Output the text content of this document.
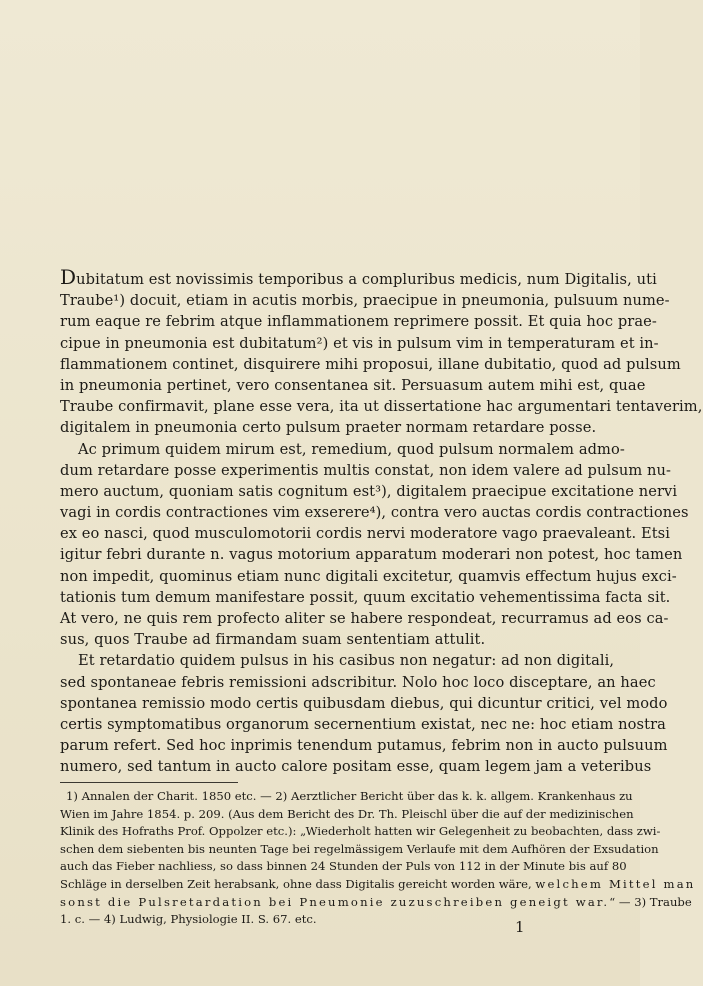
Dubitatum est novissimis temporibus a compluribus medicis, num Digitalis, uti
Traube¹) docuit, etiam in acutis morbis, praecipue in pneumonia, pulsuum nume-
rum eaque re febrim atque inflammationem reprimere possit. Et quia hoc prae-
cipue in pneumonia est dubitatum²) et vis in pulsum vim in temperaturam et in-
flammationem continet, disquirere mihi proposui, illane dubitatio, quod ad pulsum
in pneumonia pertinet, vero consentanea sit. Persuasum autem mihi est, quae
Traube confirmavit, plane esse vera, ita ut dissertatione hac argumentari tentaverim,
digitalem in pneumonia certo pulsum praeter normam retardare posse.
Ac primum quidem mirum est, remedium, quod pulsum normalem admo-
dum retardare posse experimentis multis constat, non idem valere ad pulsum nu-
mero auctum, quoniam satis cognitum est³), digitalem praecipue excitatione nervi
vagi in cordis contractiones vim exserere⁴), contra vero auctas cordis contractiones
ex eo nasci, quod musculomotorii cordis nervi moderatore vago praevaleant. Etsi
igitur febri durante n. vagus motorium apparatum moderari non potest, hoc tamen
non impedit, quominus etiam nunc digitali excitetur, quamvis effectum hujus exci-
tationis tum demum manifestare possit, quum excitatio vehementissima facta sit.
At vero, ne quis rem profecto aliter se habere respondeat, recurramus ad eos ca-
sus, quos Traube ad firmandam suam sententiam attulit.
Et retardatio quidem pulsus in his casibus non negatur: ad non digitali,
sed spontaneae febris remissioni adscribitur. Nolo hoc loco disceptare, an haec
spontanea remissio modo certis quibusdam diebus, qui dicuntur critici, vel modo
certis symptomatibus organorum secernentium existat, nec ne: hoc etiam nostra
parum refert. Sed hoc inprimis tenendum putamus, febrim non in aucto pulsuum
numero, sed tantum in aucto calore positam esse, quam legem jam a veteribus
1) Annalen der Charit. 1850 etc. — 2) Aerztlicher Bericht über das k. k. allgem. Krankenhaus zu
Wien im Jahre 1854. p. 209. (Aus dem Bericht des Dr. Th. Pleischl über die auf der medizinischen
Klinik des Hofraths Prof. Oppolzer etc.): „Wiederholt hatten wir Gelegenheit zu beobachten, dass zwi-
schen dem siebenten bis neunten Tage bei regelmässigem Verlaufe mit dem Aufhören der Exsudation
auch das Fieber nachliess, so dass binnen 24 Stunden der Puls von 112 in der Minute bis auf 80
Schläge in derselben Zeit herabsank, ohne dass Digitalis gereicht worden wäre, welchem Mittel man
sonst die Pulsretardation bei Pneumonie zuzuschreiben geneigt war.“ — 3) Traube
1. c. — 4) Ludwig, Physiologie II. S. 67. etc.	1
